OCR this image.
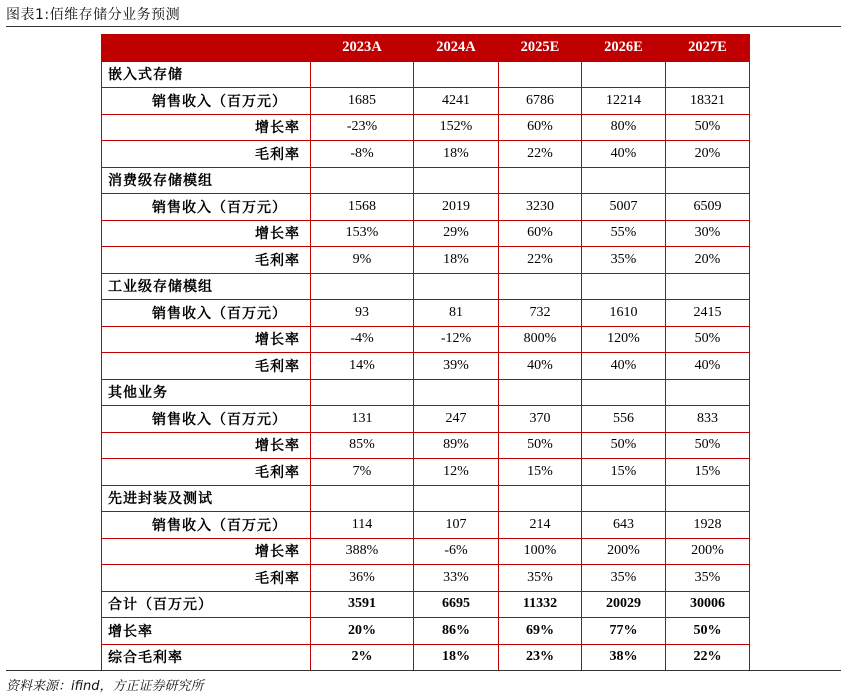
图表1:佰维存储分业务预测
	2023A	2024A	2025E	2026E	2027E
嵌入式存储					
销售收入（百万元）	1685	4241	6786	12214	18321
增长率	-23%	152%	60%	80%	50%
毛利率	-8%	18%	22%	40%	20%
消费级存储模组					
销售收入（百万元）	1568	2019	3230	5007	6509
增长率	153%	29%	60%	55%	30%
毛利率	9%	18%	22%	35%	20%
工业级存储模组					
销售收入（百万元）	93	81	732	1610	2415
增长率	-4%	-12%	800%	120%	50%
毛利率	14%	39%	40%	40%	40%
其他业务					
销售收入（百万元）	131	247	370	556	833
增长率	85%	89%	50%	50%	50%
毛利率	7%	12%	15%	15%	15%
先进封装及测试					
销售收入（百万元）	114	107	214	643	1928
增长率	388%	-6%	100%	200%	200%
毛利率	36%	33%	35%	35%	35%
合计（百万元）	3591	6695	11332	20029	30006
增长率	20%	86%	69%	77%	50%
综合毛利率	2%	18%	23%	38%	22%
资料来源：ifind，方正证券研究所
